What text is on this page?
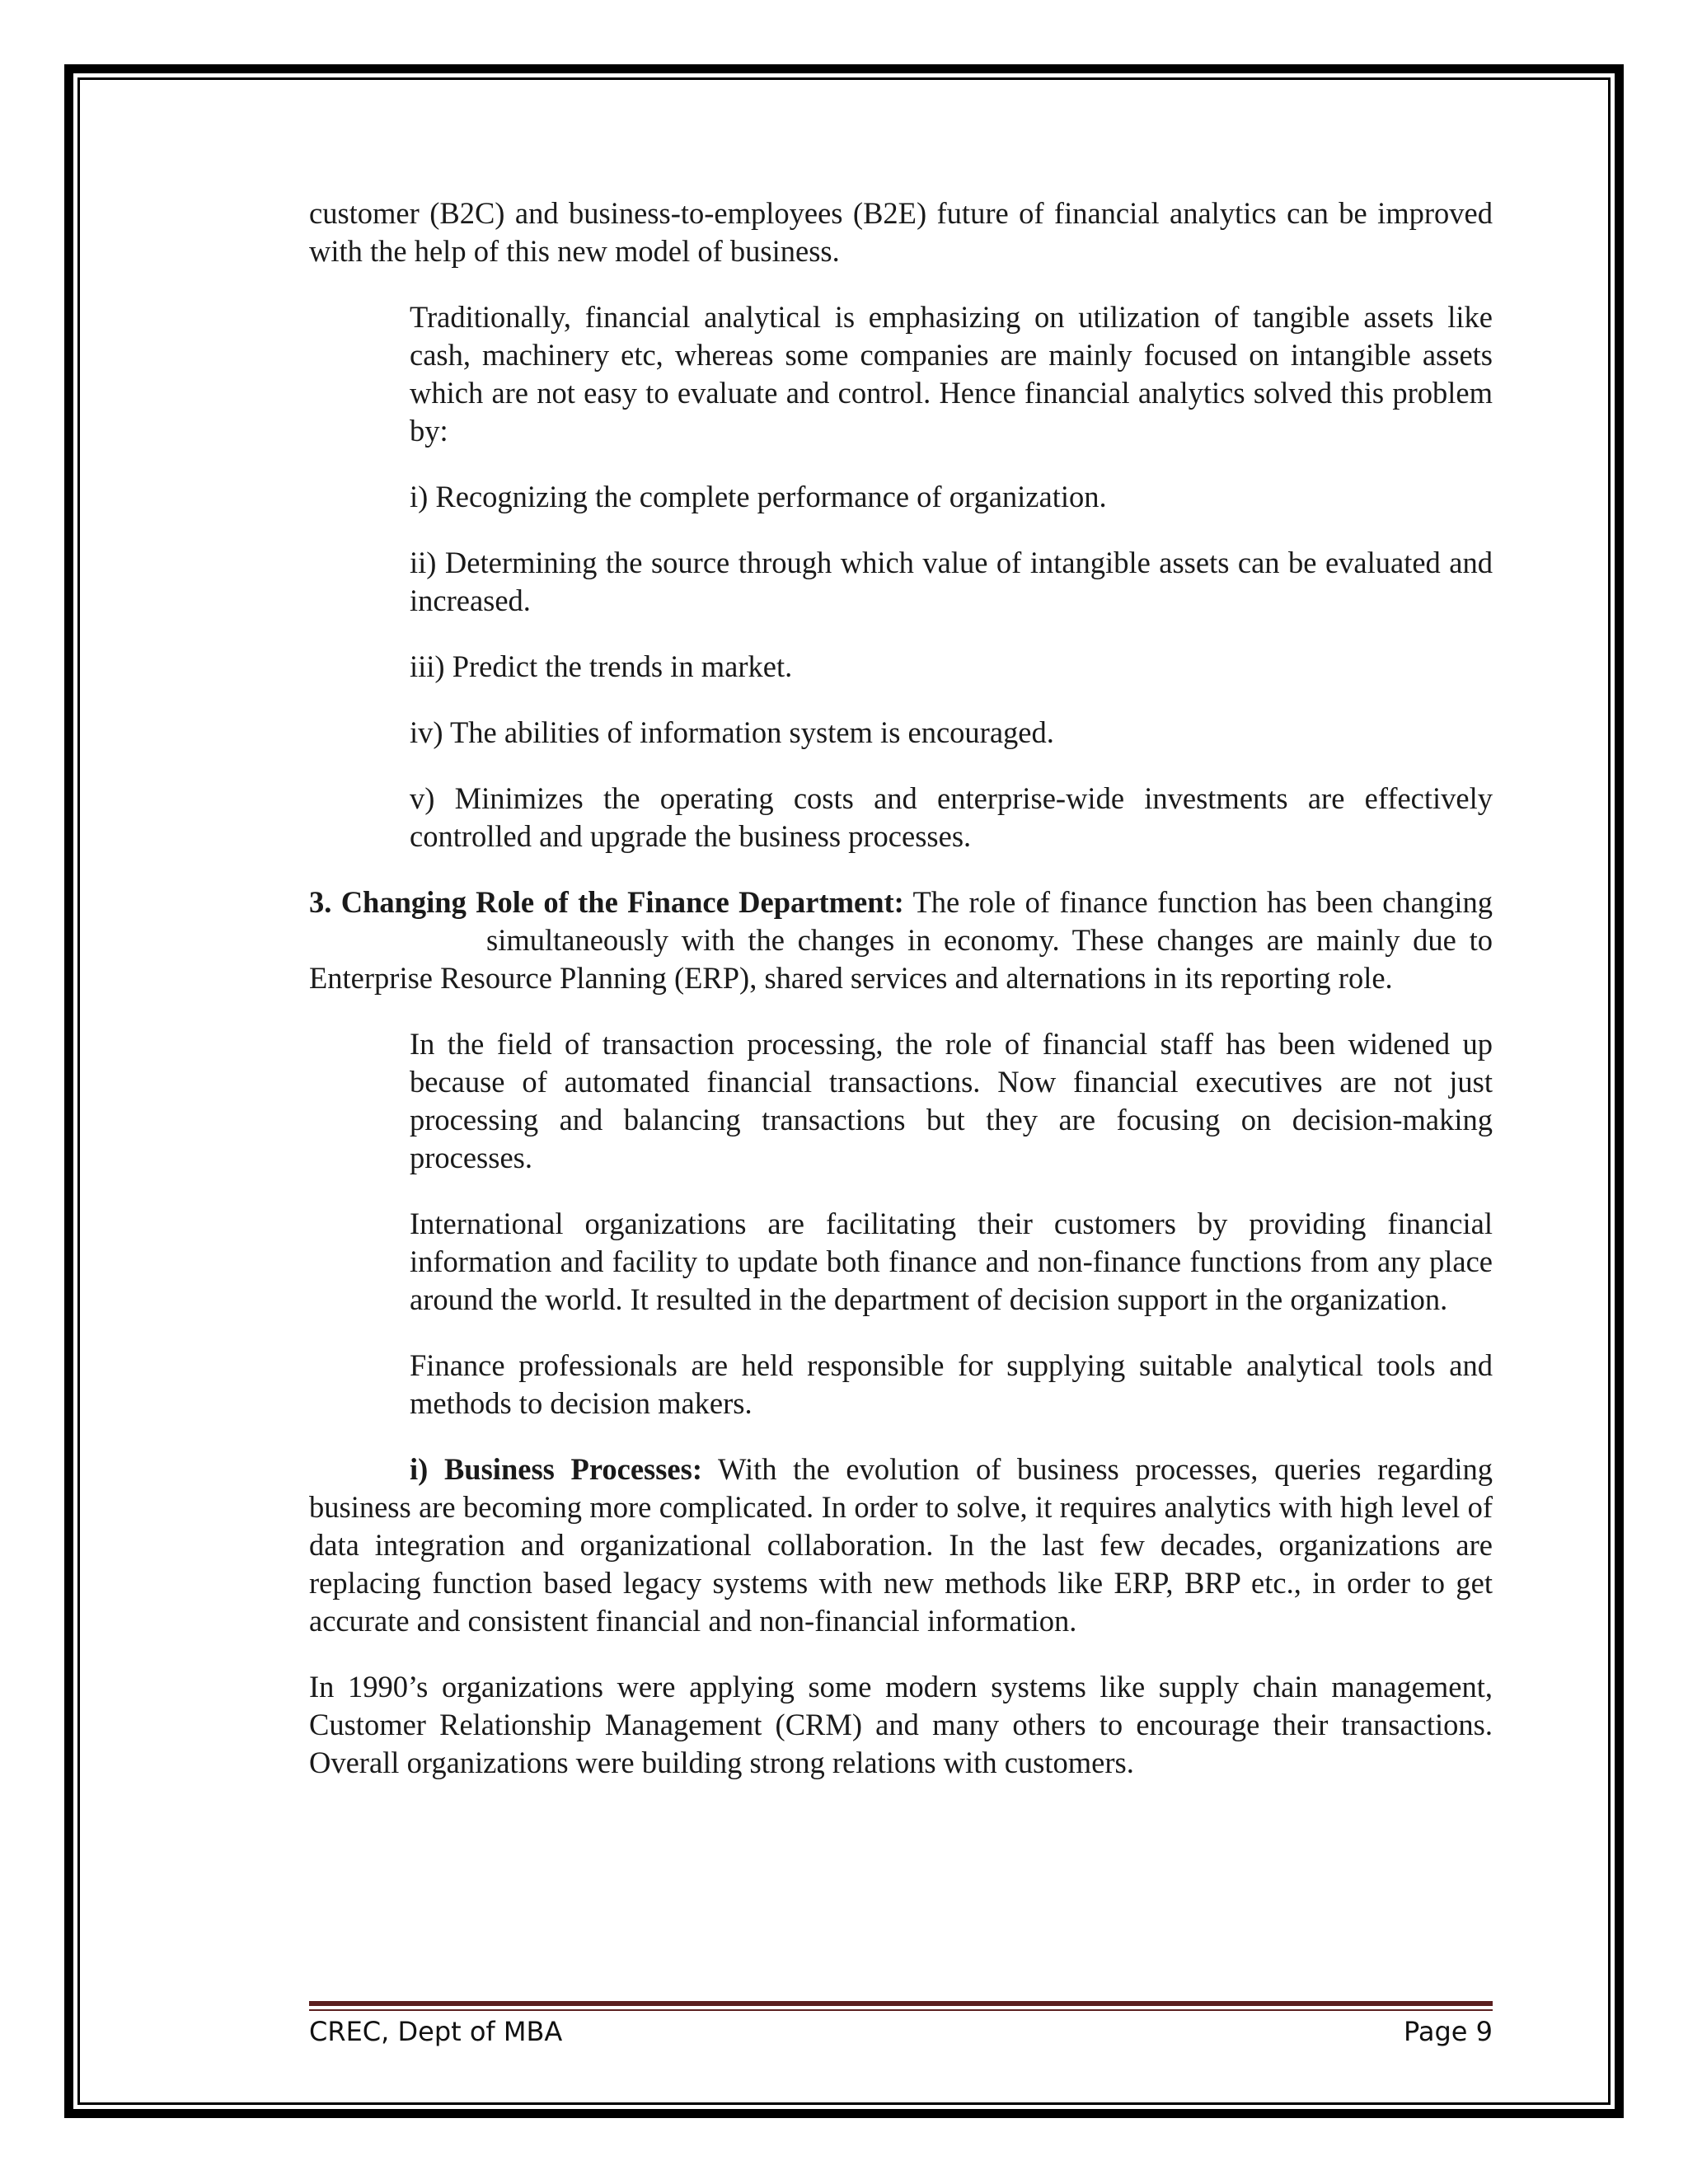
customer (B2C) and business-to-employees (B2E) future of financial analytics can be improved with the help of this new model of business.

Traditionally, financial analytical is emphasizing on utilization of tangible assets like cash, machinery etc, whereas some companies are mainly focused on intangible assets which are not easy to evaluate and control. Hence financial analytics solved this problem by:

i) Recognizing the complete performance of organization.

ii) Determining the source through which value of intangible assets can be evaluated and increased.

iii) Predict the trends in market.

iv) The abilities of information system is encouraged.

v) Minimizes the operating costs and enterprise-wide investments are effectively controlled and upgrade the business processes.

3. Changing Role of the Finance Department: The role of finance function has been changingsimultaneously with the changes in economy. These changes are mainly due to Enterprise Resource Planning (ERP), shared services and alternations in its reporting role.

In the field of transaction processing, the role of financial staff has been widened up because of automated financial transactions. Now financial executives are not just processing and balancing transactions but they are focusing on decision-making processes.

International organizations are facilitating their customers by providing financial information and facility to update both finance and non-finance functions from any place around the world. It resulted in the department of decision support in the organization.

Finance professionals are held responsible for supplying suitable analytical tools and methods to decision makers.

i) Business Processes: With the evolution of business processes, queries regarding business are becoming more complicated. In order to solve, it requires analytics with high level of data integration and organizational collaboration. In the last few decades, organizations are replacing function based legacy systems with new methods like ERP, BRP etc., in order to get accurate and consistent financial and non-financial information.

In 1990’s organizations were applying some modern systems like supply chain management, Customer Relationship Management (CRM) and many others to encourage their transactions. Overall organizations were building strong relations with customers.

CREC, Dept of MBA	Page 9
